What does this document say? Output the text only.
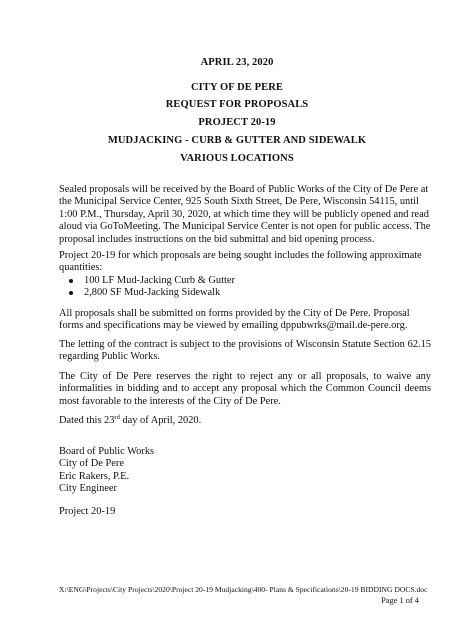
APRIL 23, 2020
CITY OF DE PERE
REQUEST FOR PROPOSALS
PROJECT 20-19
MUDJACKING - CURB & GUTTER AND SIDEWALK
VARIOUS LOCATIONS

Sealed proposals will be received by the Board of Public Works of the City of De Pere at the Municipal Service Center, 925 South Sixth Street, De Pere, Wisconsin 54115, until 1:00 P.M., Thursday, April 30, 2020, at which time they will be publicly opened and read aloud via GoToMeeting. The Municipal Service Center is not open for public access. The proposal includes instructions on the bid submittal and bid opening process.

Project 20-19 for which proposals are being sought includes the following approximate quantities:

100 LF Mud-Jacking Curb & Gutter
2,800 SF Mud-Jacking Sidewalk

All proposals shall be submitted on forms provided by the City of De Pere. Proposal forms and specifications may be viewed by emailing dppubwrks@mail.de-pere.org.

The letting of the contract is subject to the provisions of Wisconsin Statute Section 62.15 regarding Public Works.

The City of De Pere reserves the right to reject any or all proposals, to waive any informalities in bidding and to accept any proposal which the Common Council deems most favorable to the interests of the City of De Pere.

Dated this 23rd day of April, 2020.
Board of Public Works
City of De Pere
Eric Rakers, P.E.
City Engineer
Project 20-19
X:\ENG\Projects\City Projects\2020\Project 20-19 Mudjacking\400- Plans & Specifications\20-19 BIDDING DOCS.doc
Page 1 of 4
